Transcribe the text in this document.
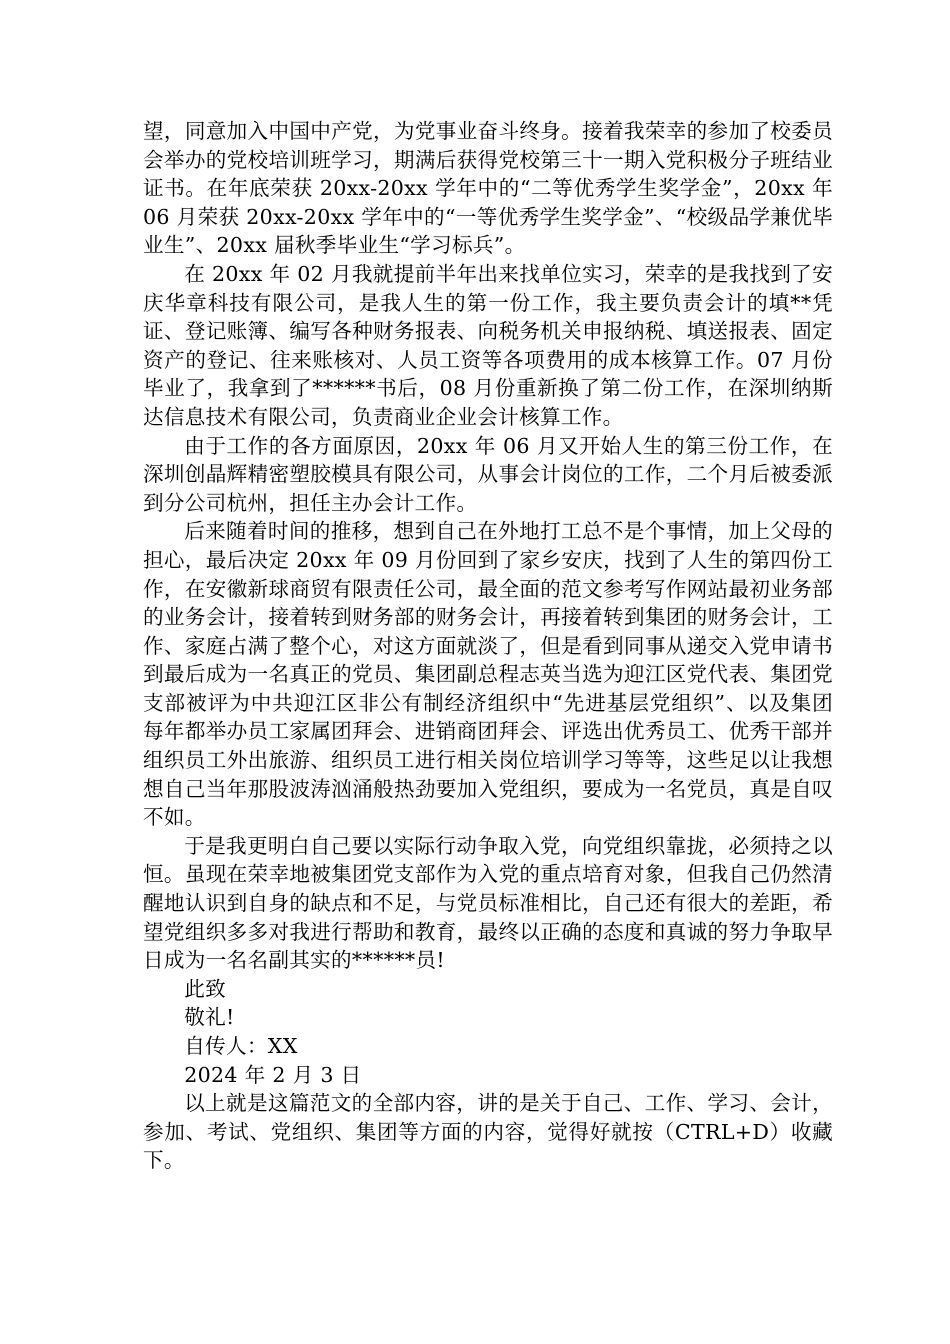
望，同意加入中国中产党，为党事业奋斗终身。接着我荣幸的参加了校委员会举办的党校培训班学习，期满后获得党校第三十一期入党积极分子班结业证书。在年底荣获 20xx-20xx 学年中的“二等优秀学生奖学金”，20xx 年 06 月荣获 20xx-20xx 学年中的“一等优秀学生奖学金”、“校级品学兼优毕业生”、20xx 届秋季毕业生“学习标兵”。

在 20xx 年 02 月我就提前半年出来找单位实习，荣幸的是我找到了安庆华章科技有限公司，是我人生的第一份工作，我主要负责会计的填**凭证、登记账簿、编写各种财务报表、向税务机关申报纳税、填送报表、固定资产的登记、往来账核对、人员工资等各项费用的成本核算工作。07 月份毕业了，我拿到了******书后，08 月份重新换了第二份工作，在深圳纳斯达信息技术有限公司，负责商业企业会计核算工作。

由于工作的各方面原因，20xx 年 06 月又开始人生的第三份工作，在深圳创晶辉精密塑胶模具有限公司，从事会计岗位的工作，二个月后被委派到分公司杭州，担任主办会计工作。

后来随着时间的推移，想到自己在外地打工总不是个事情，加上父母的担心，最后决定 20xx 年 09 月份回到了家乡安庆，找到了人生的第四份工作，在安徽新球商贸有限责任公司，最全面的范文参考写作网站最初业务部的业务会计，接着转到财务部的财务会计，再接着转到集团的财务会计，工作、家庭占满了整个心，对这方面就淡了，但是看到同事从递交入党申请书到最后成为一名真正的党员、集团副总程志英当选为迎江区党代表、集团党支部被评为中共迎江区非公有制经济组织中“先进基层党组织”、以及集团每年都举办员工家属团拜会、进销商团拜会、评选出优秀员工、优秀干部并组织员工外出旅游、组织员工进行相关岗位培训学习等等，这些足以让我想想自己当年那股波涛汹涌般热劲要加入党组织，要成为一名党员，真是自叹不如。

于是我更明白自己要以实际行动争取入党，向党组织靠拢，必须持之以恒。虽现在荣幸地被集团党支部作为入党的重点培育对象，但我自己仍然清醒地认识到自身的缺点和不足，与党员标准相比，自己还有很大的差距，希望党组织多多对我进行帮助和教育，最终以正确的态度和真诚的努力争取早日成为一名名副其实的******员!

此致

敬礼!

自传人：XX

2024 年 2 月 3 日

以上就是这篇范文的全部内容，讲的是关于自己、工作、学习、会计，参加、考试、党组织、集团等方面的内容，觉得好就按（CTRL+D）收藏下。
